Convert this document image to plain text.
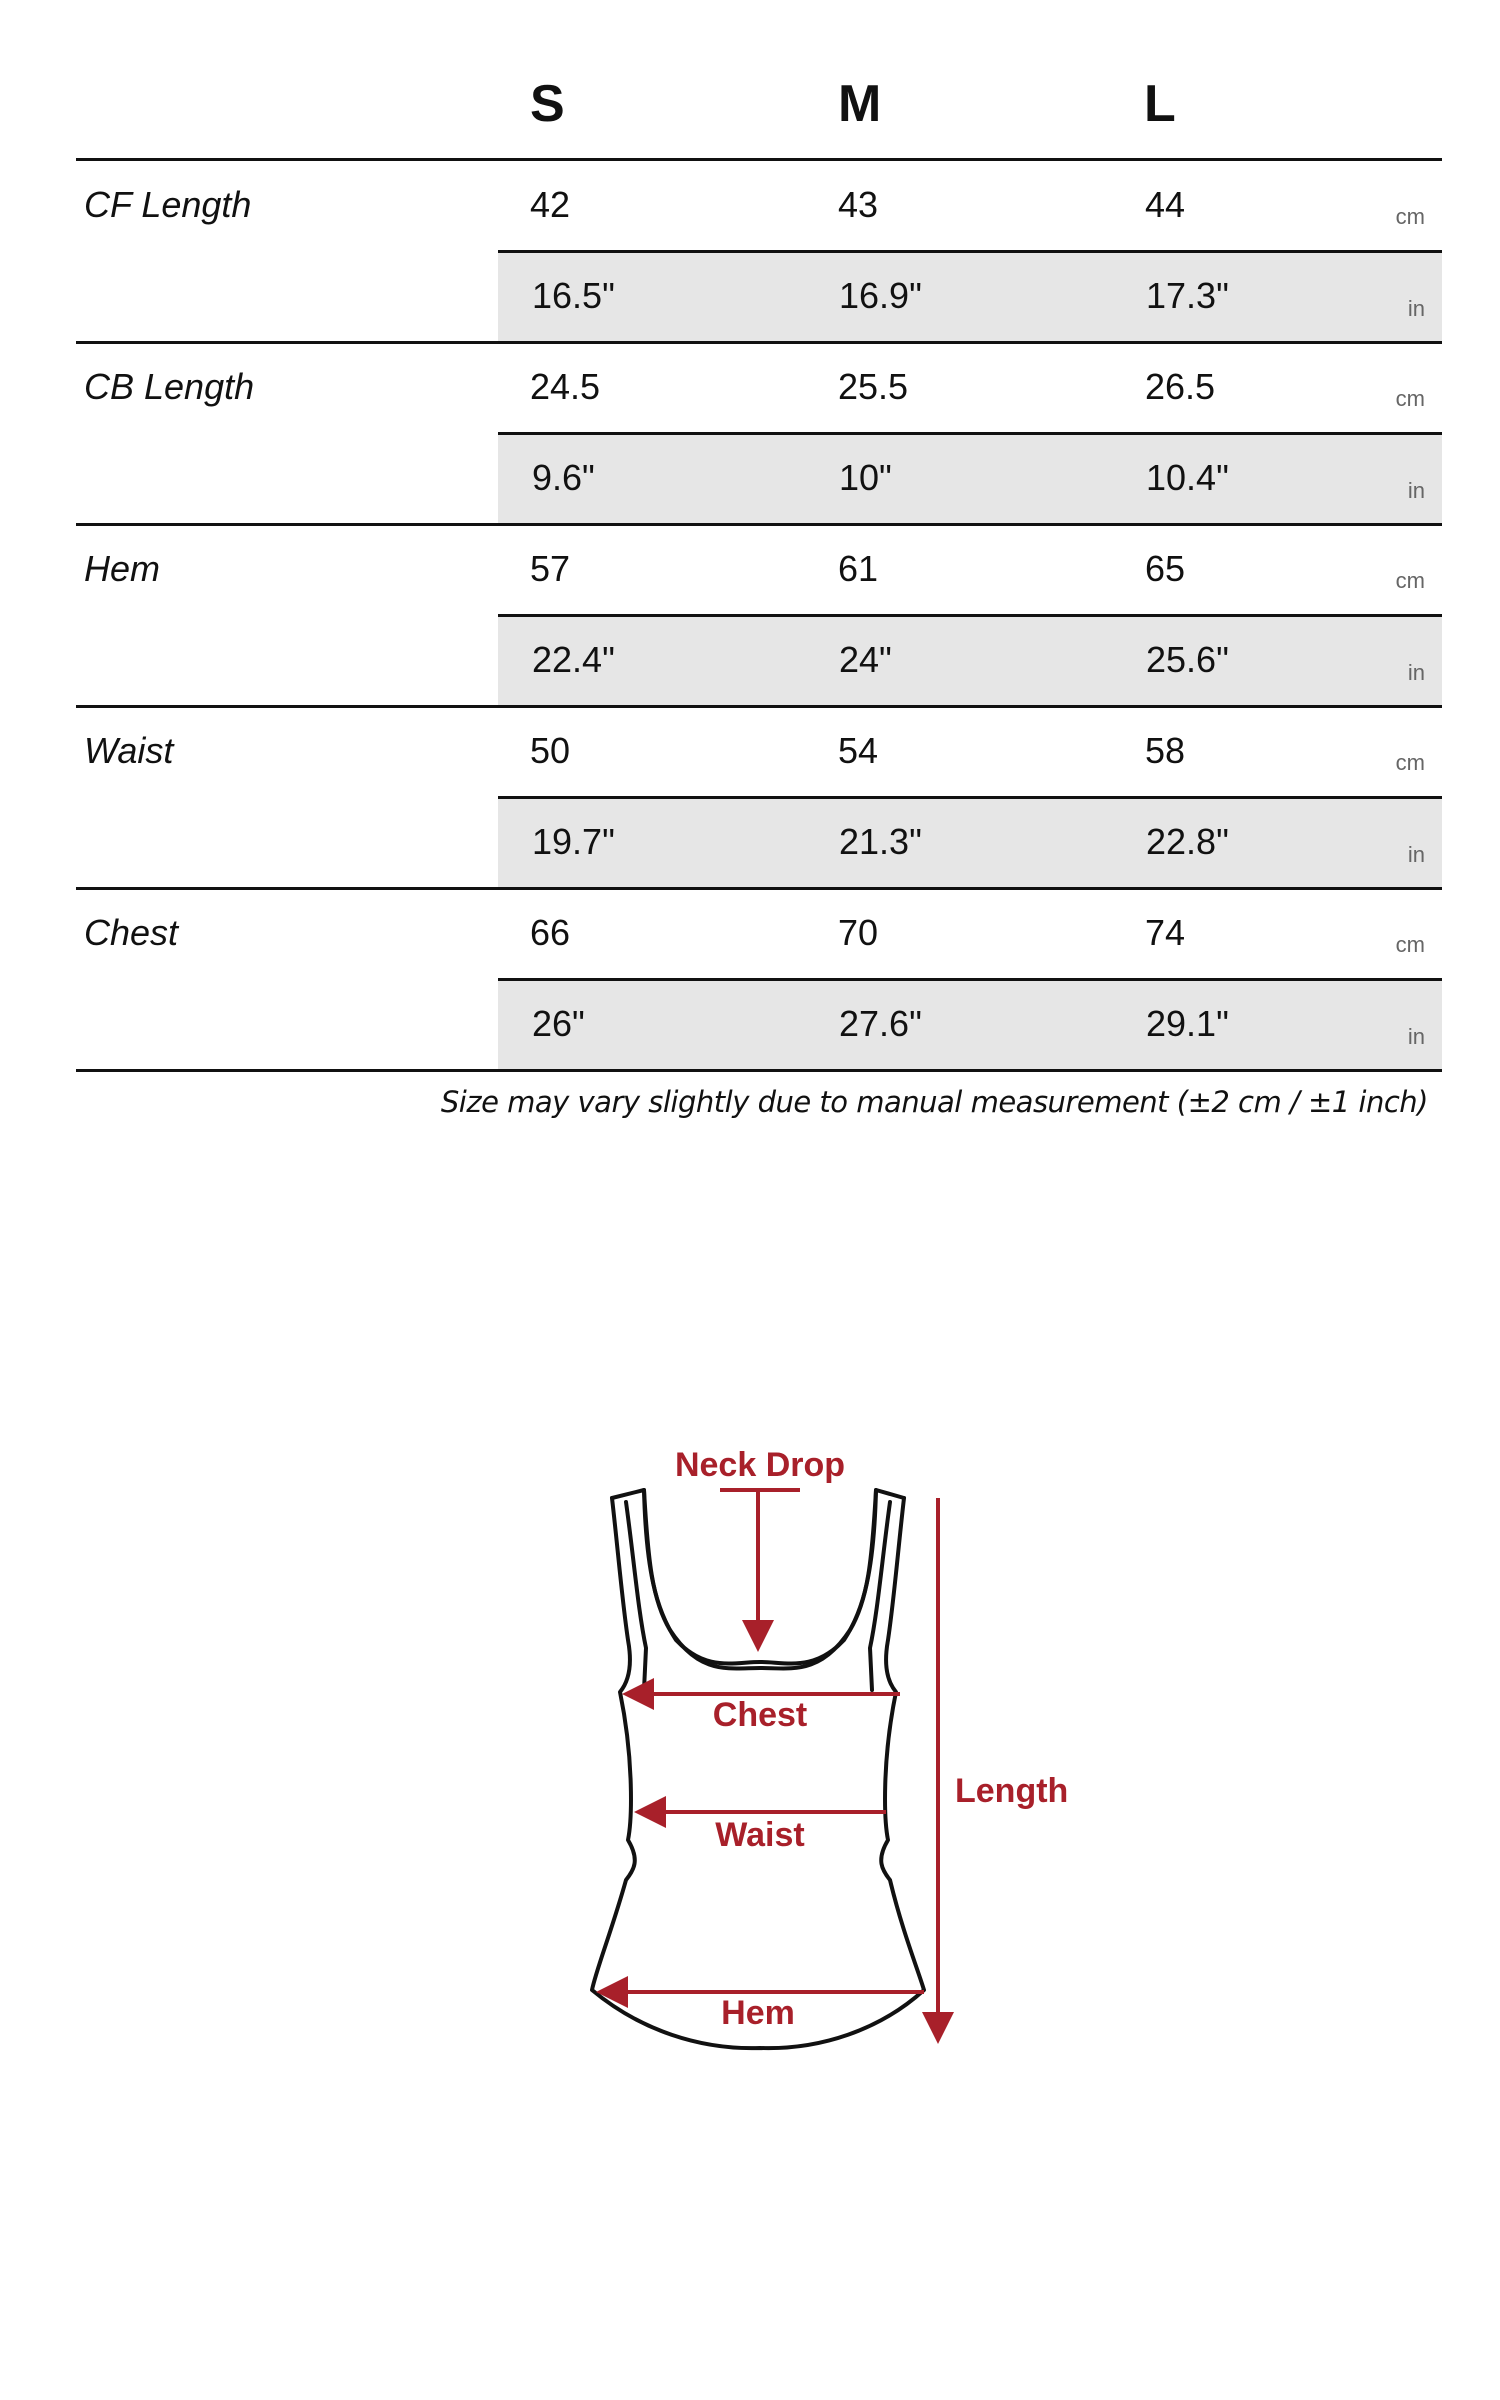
S	M	L
CF Length	42	43	44	cm
16.5"	16.9"	17.3"	in
CB Length	24.5	25.5	26.5	cm
9.6"	10"	10.4"	in
Hem	57	61	65	cm
22.4"	24"	25.6"	in
Waist	50	54	58	cm
19.7"	21.3"	22.8"	in
Chest	66	70	74	cm
26"	27.6"	29.1"	in
Size may vary slightly due to manual measurement (±2 cm / ±1 inch)
Neck Drop
Chest
Waist
Hem
Length
